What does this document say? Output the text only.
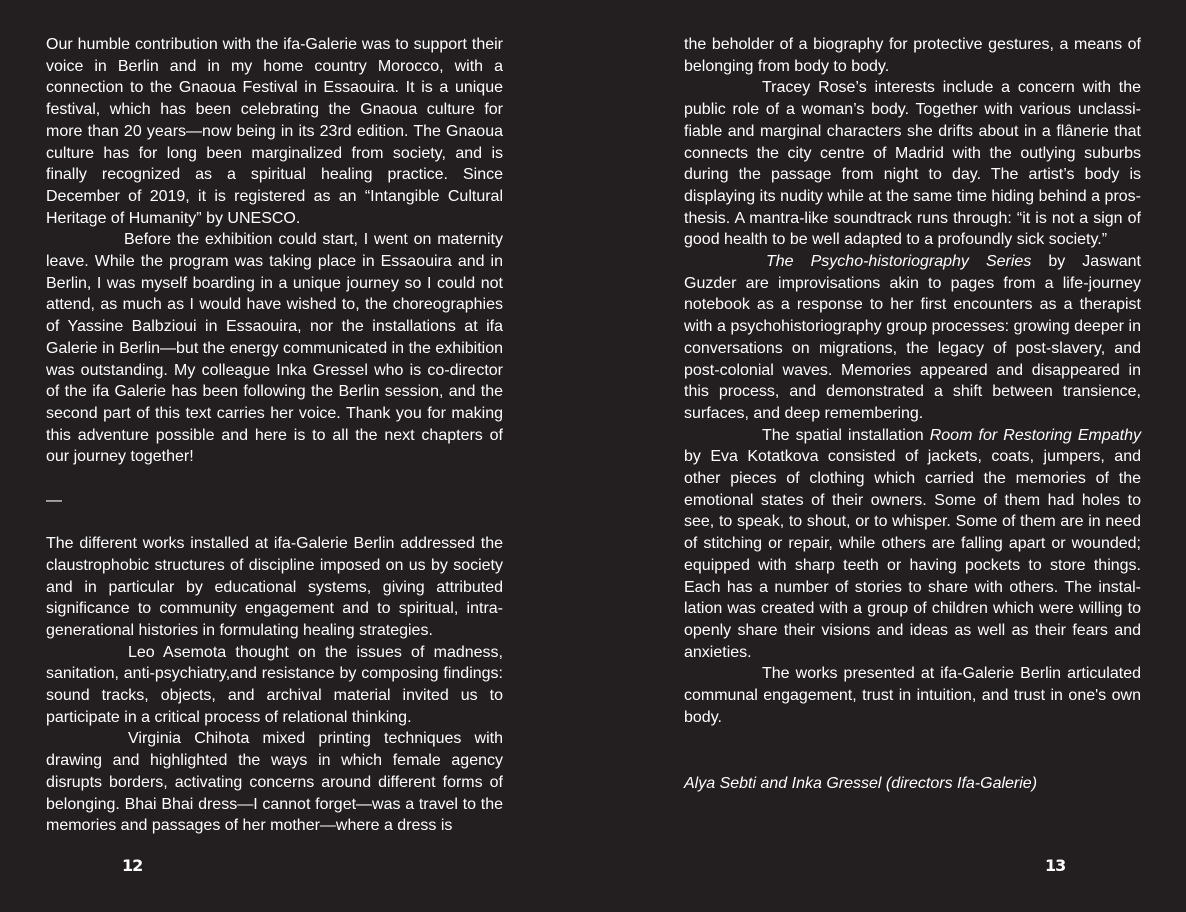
Our humble contribution with the ifa-Galerie was to support their voice in Berlin and in my home country Morocco, with a connection to the Gnaoua Festival in Essaouira. It is a unique festival, which has been celebrating the Gnaoua culture for more than 20 years—now being in its 23rd edition. The Gnaoua culture has for long been marginalized from society, and is finally recognized as a spiritual healing practice. Since December of 2019, it is registered as an “Intangible Cultural Heritage of Humanity” by UNESCO.

Before the exhibition could start, I went on maternity leave. While the program was taking place in Essaouira and in Berlin, I was myself boarding in a unique journey so I could not attend, as much as I would have wished to, the choreographies of Yassine Balbzioui in Essaouira, nor the installations at ifa Galerie in Berlin—but the energy communicated in the exhibition was outstanding. My colleague Inka Gressel who is co-director of the ifa Galerie has been following the Berlin session, and the second part of this text carries her voice. Thank you for making this adventure possible and here is to all the next chapters of our journey together!

—

The different works installed at ifa-Galerie Berlin addressed the claustrophobic structures of discipline imposed on us by society and in particular by educational systems, giving attributed significance to community engagement and to spiritual, intra-generational histories in formulating healing strategies.

Leo Asemota thought on the issues of madness, sanitation, anti-psychiatry,and resistance by composing findings: sound tracks, objects, and archival material invited us to participate in a critical process of relational thinking.

Virginia Chihota mixed printing techniques with drawing and highlighted the ways in which female agency disrupts borders, activating concerns around different forms of belonging. Bhai Bhai dress—I cannot forget—was a travel to the memories and passages of her mother—where a dress is

12

the beholder of a biography for protective gestures, a means of belonging from body to body.

Tracey Rose’s interests include a concern with the public role of a woman’s body. Together with various unclassifiable and marginal characters she drifts about in a flânerie that connects the city centre of Madrid with the outlying suburbs during the passage from night to day. The artist’s body is displaying its nudity while at the same time hiding behind a prosthesis. A mantra-like soundtrack runs through: “it is not a sign of good health to be well adapted to a profoundly sick society.”

The Psycho-historiography Series by Jaswant Guzder are improvisations akin to pages from a life-journey notebook as a response to her first encounters as a therapist with a psychohistoriography group processes: growing deeper in conversations on migrations, the legacy of post-slavery, and post-colonial waves. Memories appeared and disappeared in this process, and demonstrated a shift between transience, surfaces, and deep remembering.

The spatial installation Room for Restoring Empathy by Eva Kotatkova consisted of jackets, coats, jumpers, and other pieces of clothing which carried the memories of the emotional states of their owners. Some of them had holes to see, to speak, to shout, or to whisper. Some of them are in need of stitching or repair, while others are falling apart or wounded; equipped with sharp teeth or having pockets to store things. Each has a number of stories to share with others. The installation was created with a group of children which were willing to openly share their visions and ideas as well as their fears and anxieties.

The works presented at ifa-Galerie Berlin articulated communal engagement, trust in intuition, and trust in one's own body.

Alya Sebti and Inka Gressel (directors Ifa-Galerie)
13
